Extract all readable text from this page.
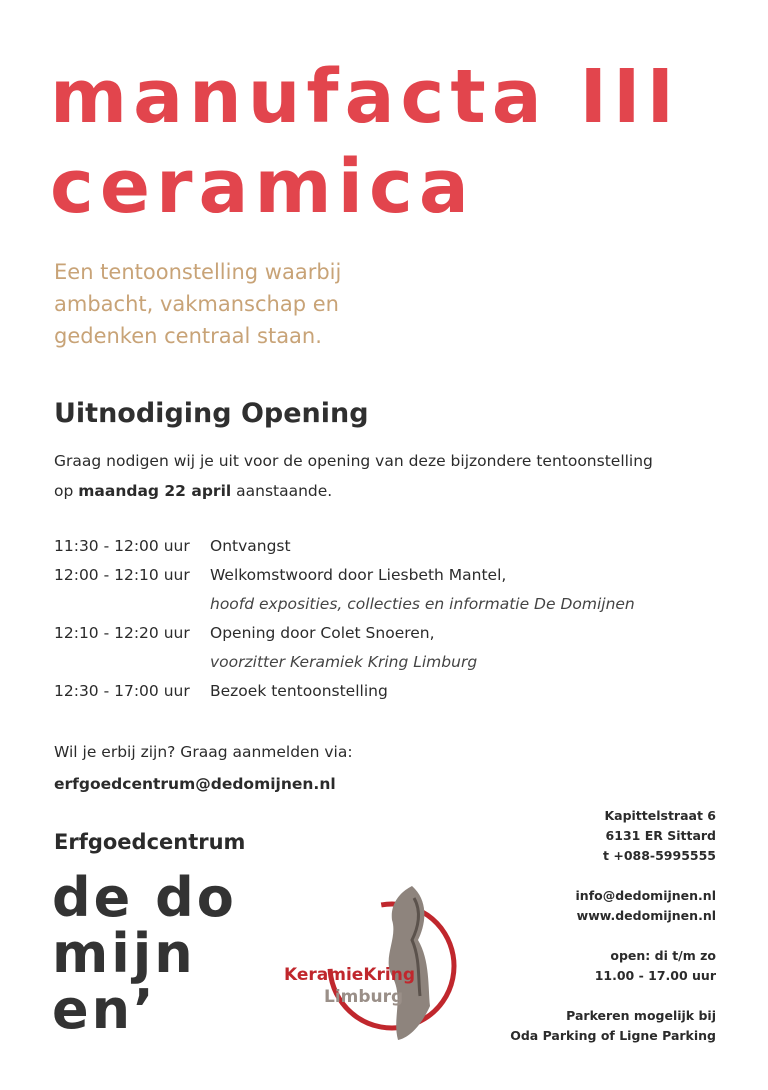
manufacta III
ceramica
Een tentoonstelling waarbij
ambacht, vakmanschap en
gedenken centraal staan.
Uitnodiging Opening
Graag nodigen wij je uit voor de opening van deze bijzondere tentoonstelling
op maandag 22 april aanstaande.
11:30 - 12:00 uur Ontvangst
12:00 - 12:10 uur Welkomstwoord door Liesbeth Mantel,
hoofd exposities, collecties en informatie De Domijnen
12:10 - 12:20 uur Opening door Colet Snoeren,
voorzitter Keramiek Kring Limburg
12:30 - 17:00 uur Bezoek tentoonstelling
Wil je erbij zijn? Graag aanmelden via:
erfgoedcentrum@dedomijnen.nl
Erfgoedcentrum
de do
mijn
en’
KeramieKring
Limburg
Kapittelstraat 6
6131 ER Sittard
t +088-5995555
info@dedomijnen.nl
www.dedomijnen.nl
open: di t/m zo
11.00 - 17.00 uur
Parkeren mogelijk bij
Oda Parking of Ligne Parking
